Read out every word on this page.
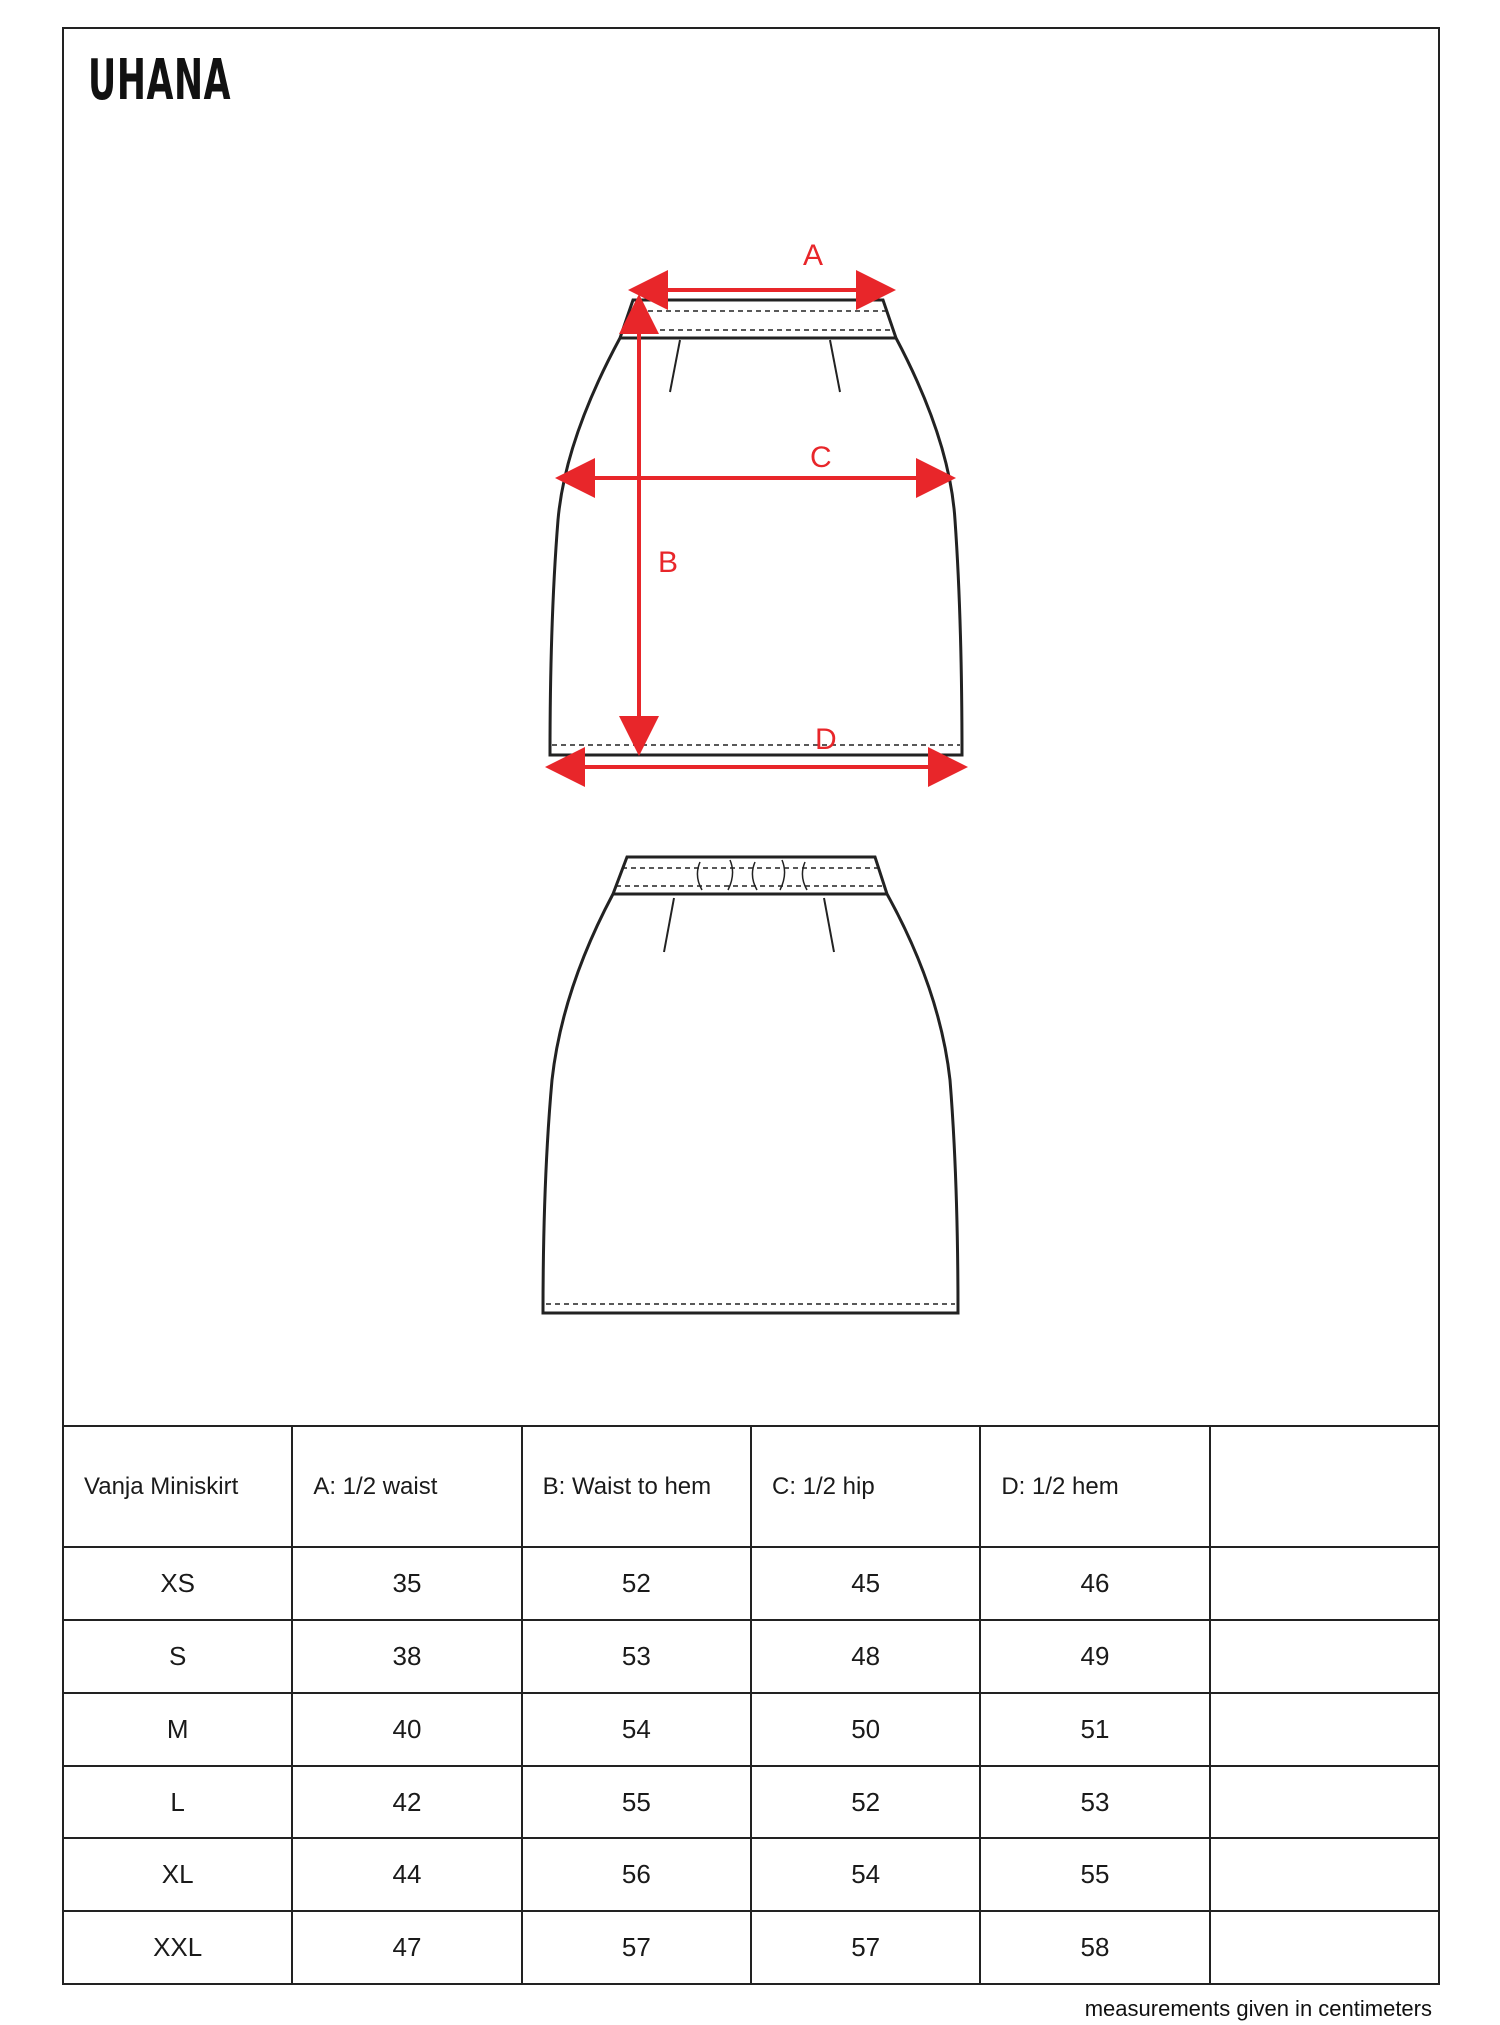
UHANA
A
B
C
D
Vanja Miniskirt	A: 1/2 waist	B: Waist to hem	C: 1/2 hip	D: 1/2 hem	
XS	35	52	45	46	
S	38	53	48	49	
M	40	54	50	51	
L	42	55	52	53	
XL	44	56	54	55	
XXL	47	57	57	58	
measurements given in centimeters
